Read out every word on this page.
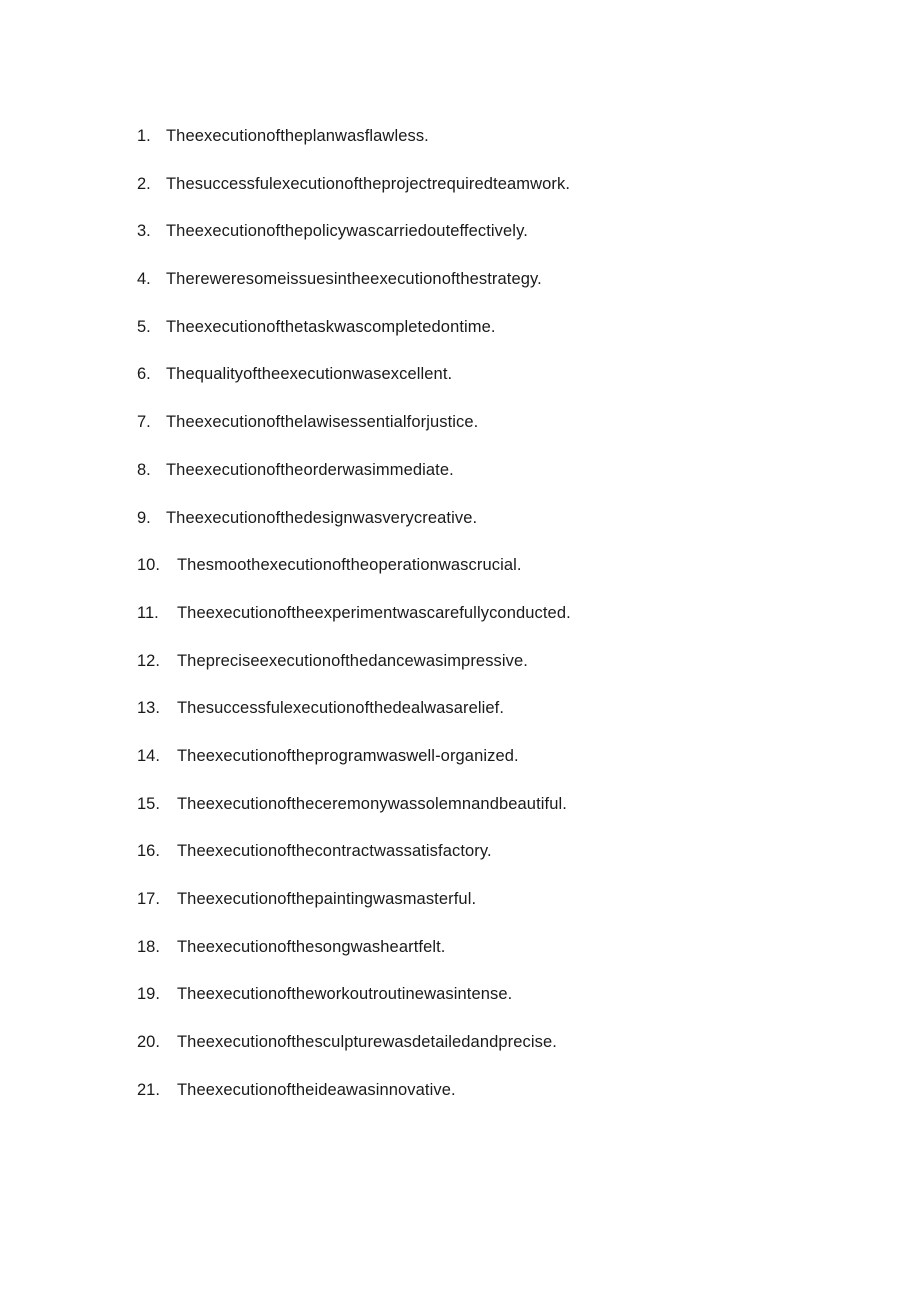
1. Theexecutionoftheplanwasflawless.
2. Thesuccessfulexecutionoftheprojectrequiredteamwork.
3. Theexecutionofthepolicywascarriedouteffectively.
4. Thereweresomeissuesintheexecutionofthestrategy.
5. Theexecutionofthetaskwascompletedontime.
6. Thequalityoftheexecutionwasexcellent.
7. Theexecutionofthelawisessentialforjustice.
8. Theexecutionoftheorderwasimmediate.
9. Theexecutionofthedesignwasverycreative.
10.	Thesmoothexecutionoftheoperationwascrucial.
11.	Theexecutionoftheexperimentwascarefullyconducted.
12.	Thepreciseexecutionofthedancewasimpressive.
13.	Thesuccessfulexecutionofthedealwasarelief.
14.	Theexecutionoftheprogramwaswell-organized.
15.	Theexecutionoftheceremonywassolemnandbeautiful.
16.	Theexecutionofthecontractwassatisfactory.
17.	Theexecutionofthepaintingwasmasterful.
18.	Theexecutionofthesongwasheartfelt.
19.	Theexecutionoftheworkoutroutinewasintense.
20.	Theexecutionofthesculpturewasdetailedandprecise.
21.	Theexecutionoftheideawasinnovative.
